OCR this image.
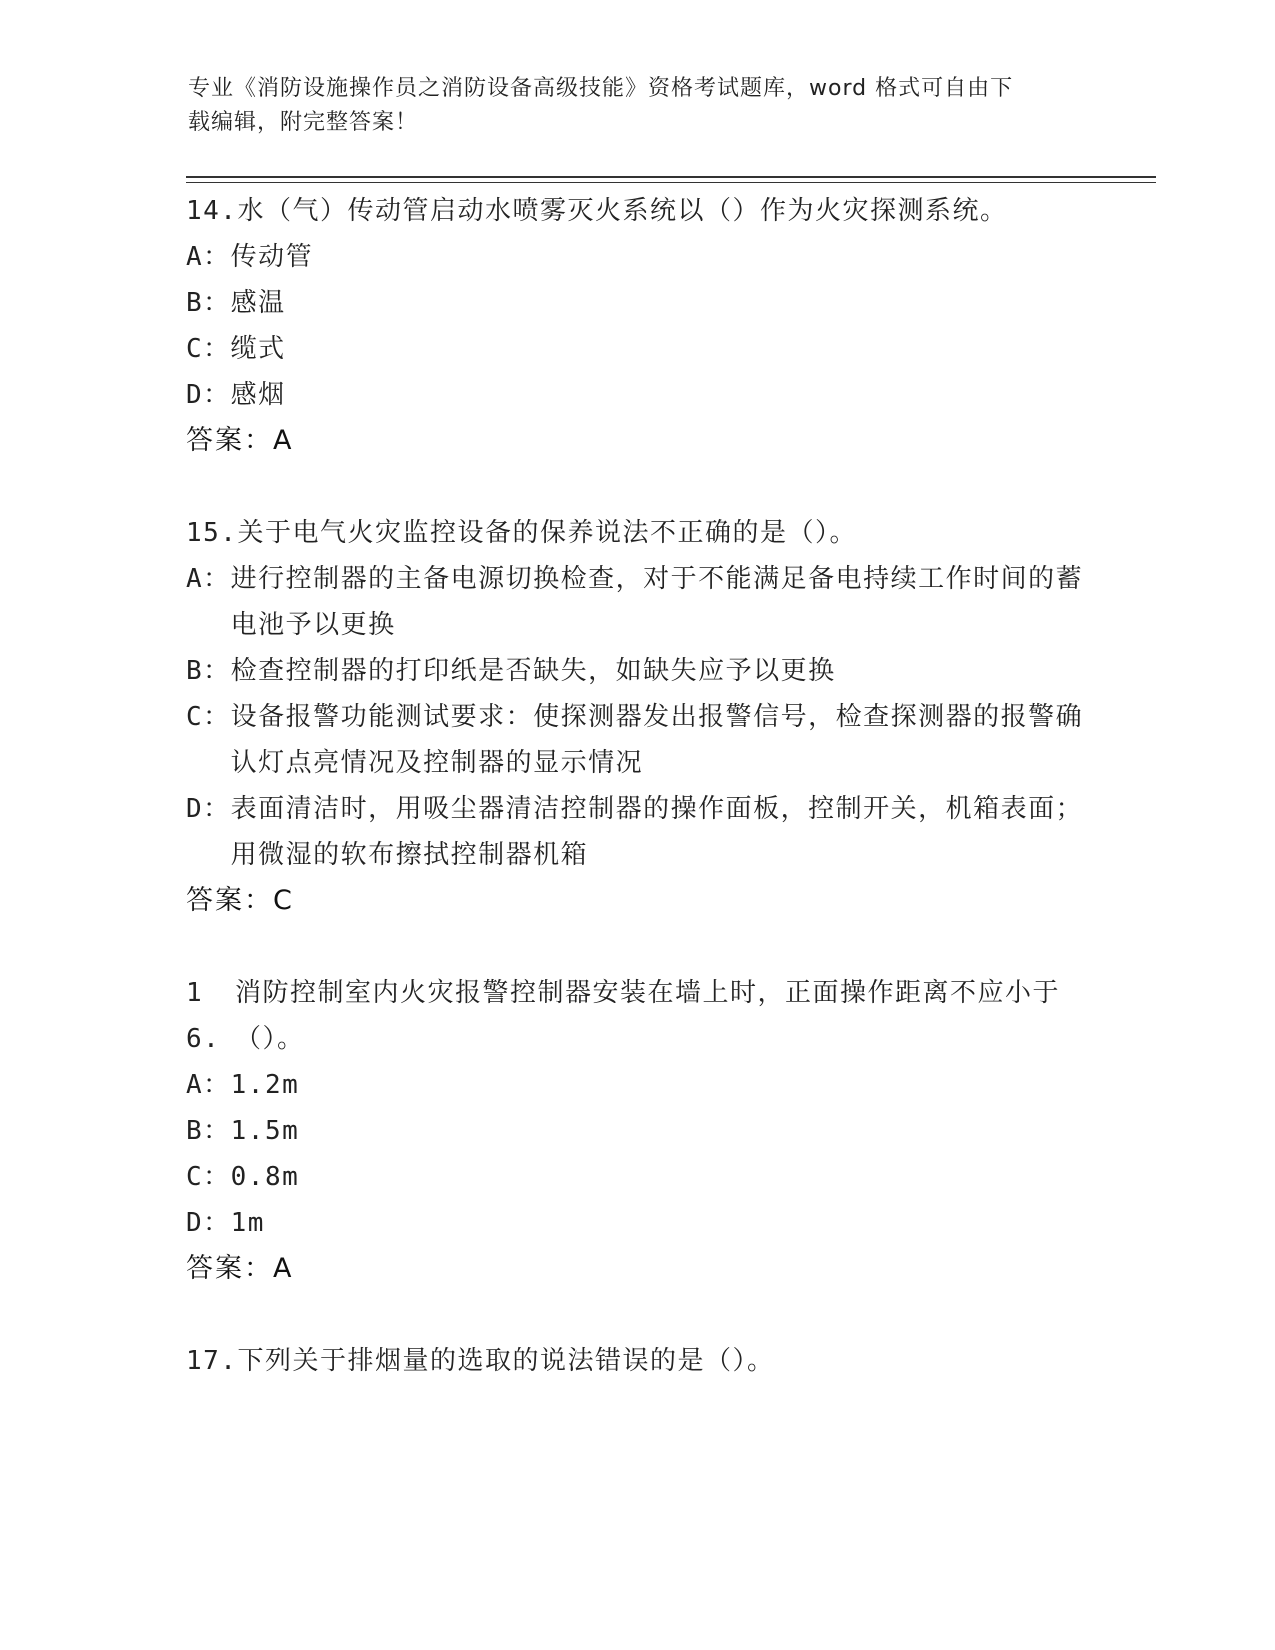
专业《消防设施操作员之消防设备高级技能》资格考试题库，word 格式可自由下
载编辑，附完整答案！
14. 水（气）传动管启动水喷雾灭火系统以（）作为火灾探测系统。
A： 传动管
B： 感温
C： 缆式
D： 感烟
答案：A
15. 关于电气火灾监控设备的保养说法不正确的是（）。
A： 进行控制器的主备电源切换检查，对于不能满足备电持续工作时间的蓄电池予以更换
B： 检查控制器的打印纸是否缺失，如缺失应予以更换
C： 设备报警功能测试要求：使探测器发出报警信号，检查探测器的报警确认灯点亮情况及控制器的显示情况
D： 表面清洁时，用吸尘器清洁控制器的操作面板，控制开关，机箱表面；用微湿的软布擦拭控制器机箱
答案：C
16.
消防控制室内火灾报警控制器安装在墙上时，正面操作距离不应小于（）。
A： 1.2m
B： 1.5m
C： 0.8m
D： 1m
答案：A
17. 下列关于排烟量的选取的说法错误的是（）。
